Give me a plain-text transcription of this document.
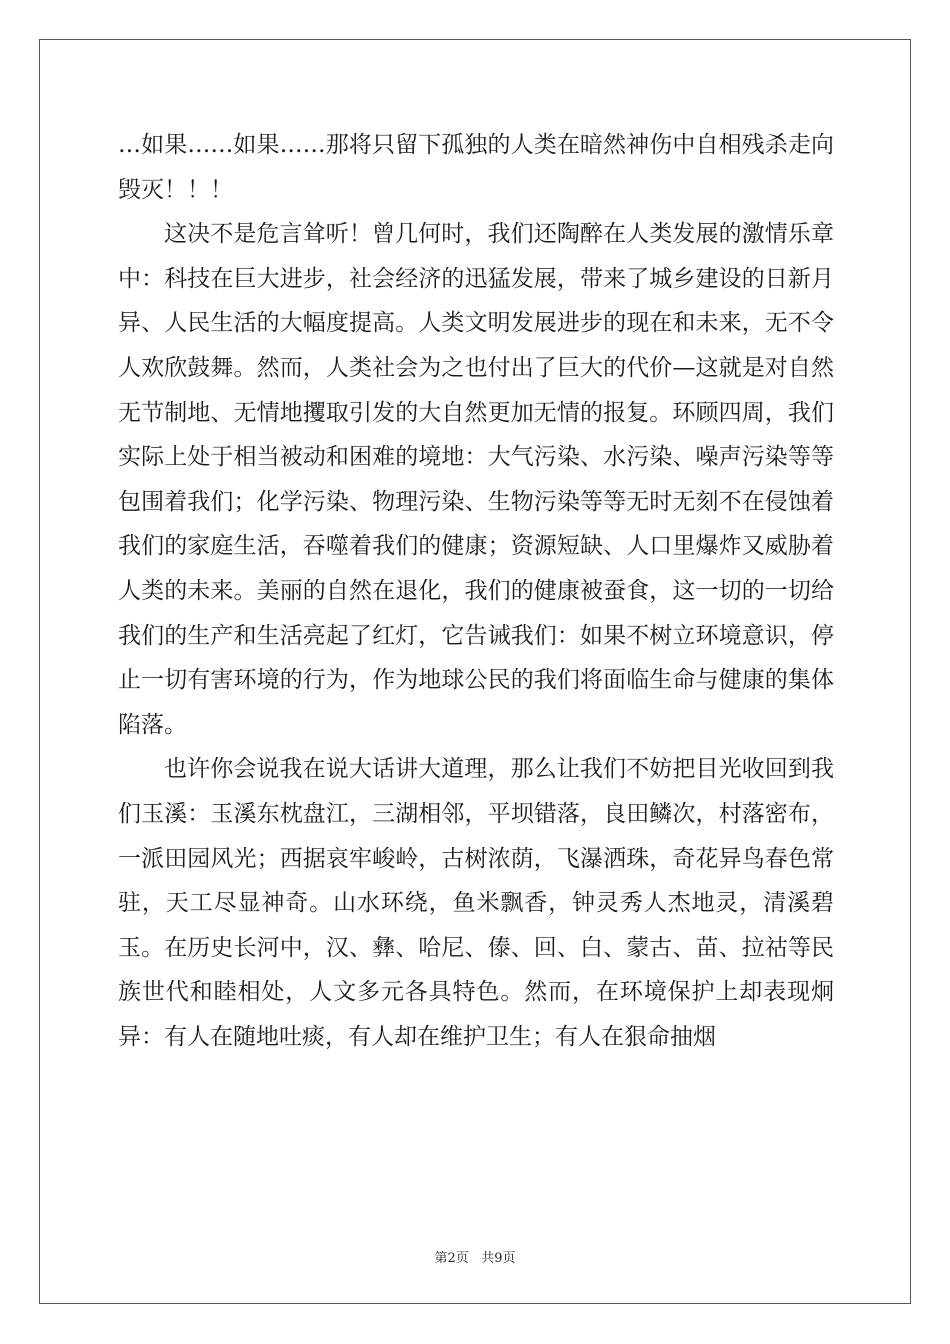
…如果……如果……那将只留下孤独的人类在暗然神伤中自相残杀走向毁灭！！！

这决不是危言耸听！曾几何时，我们还陶醉在人类发展的激情乐章中：科技在巨大进步，社会经济的迅猛发展，带来了城乡建设的日新月异、人民生活的大幅度提高。人类文明发展进步的现在和未来，无不令人欢欣鼓舞。然而，人类社会为之也付出了巨大的代价—这就是对自然无节制地、无情地攫取引发的大自然更加无情的报复。环顾四周，我们实际上处于相当被动和困难的境地：大气污染、水污染、噪声污染等等包围着我们；化学污染、物理污染、生物污染等等无时无刻不在侵蚀着我们的家庭生活，吞噬着我们的健康；资源短缺、人口里爆炸又威胁着人类的未来。美丽的自然在退化，我们的健康被蚕食，这一切的一切给我们的生产和生活亮起了红灯，它告诫我们：如果不树立环境意识，停止一切有害环境的行为，作为地球公民的我们将面临生命与健康的集体陷落。

也许你会说我在说大话讲大道理，那么让我们不妨把目光收回到我们玉溪：玉溪东枕盘江，三湖相邻，平坝错落，良田鳞次，村落密布，一派田园风光；西据哀牢峻岭，古树浓荫，飞瀑洒珠，奇花异鸟春色常驻，天工尽显神奇。山水环绕，鱼米飘香，钟灵秀人杰地灵，清溪碧玉。在历史长河中，汉、彝、哈尼、傣、回、白、蒙古、苗、拉祜等民族世代和睦相处，人文多元各具特色。然而，在环境保护上却表现炯异：有人在随地吐痰，有人却在维护卫生；有人在狠命抽烟

第2页 共9页
